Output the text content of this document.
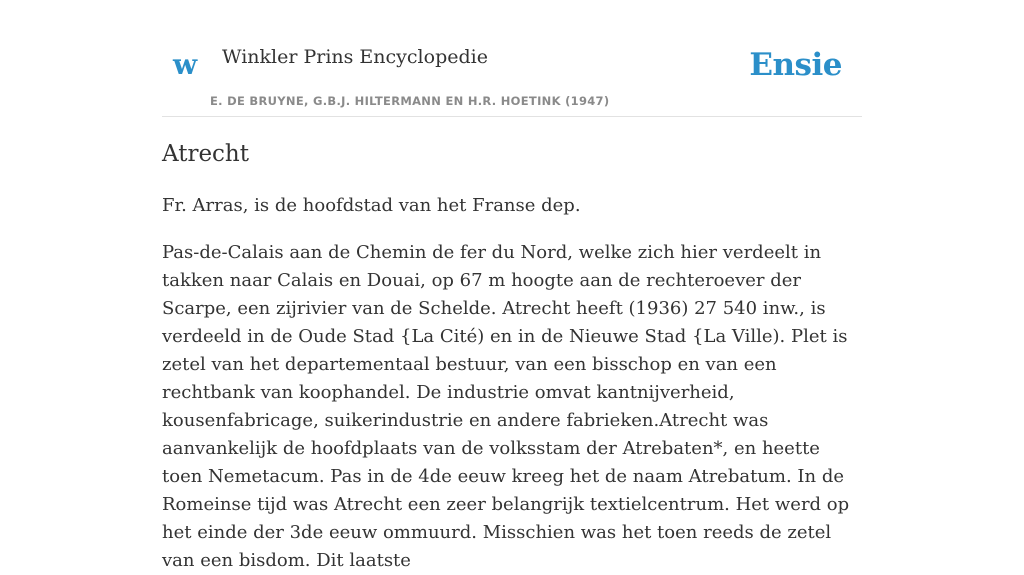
w Winkler Prins Encyclopedie
E. DE BRUYNE, G.B.J. HILTERMANN EN H.R. HOETINK (1947)
Ensie
Atrecht

Fr. Arras, is de hoofdstad van het Franse dep.

Pas-de-Calais aan de Chemin de fer du Nord, welke zich hier verdeelt in takken naar Calais en Douai, op 67 m hoogte aan de rechteroever der Scarpe, een zijrivier van de Schelde. Atrecht heeft (1936) 27 540 inw., is verdeeld in de Oude Stad {La Cité) en in de Nieuwe Stad {La Ville). Plet is zetel van het departementaal bestuur, van een bisschop en van een rechtbank van koophandel. De industrie omvat kantnijverheid, kousenfabricage, suikerindustrie en andere fabrieken.Atrecht was aanvankelijk de hoofdplaats van de volksstam der Atrebaten*, en heette toen Nemetacum. Pas in de 4de eeuw kreeg het de naam Atrebatum. In de Romeinse tijd was Atrecht een zeer belangrijk textielcentrum. Het werd op het einde der 3de eeuw ommuurd. Misschien was het toen reeds de zetel van een bisdom. Dit laatste
